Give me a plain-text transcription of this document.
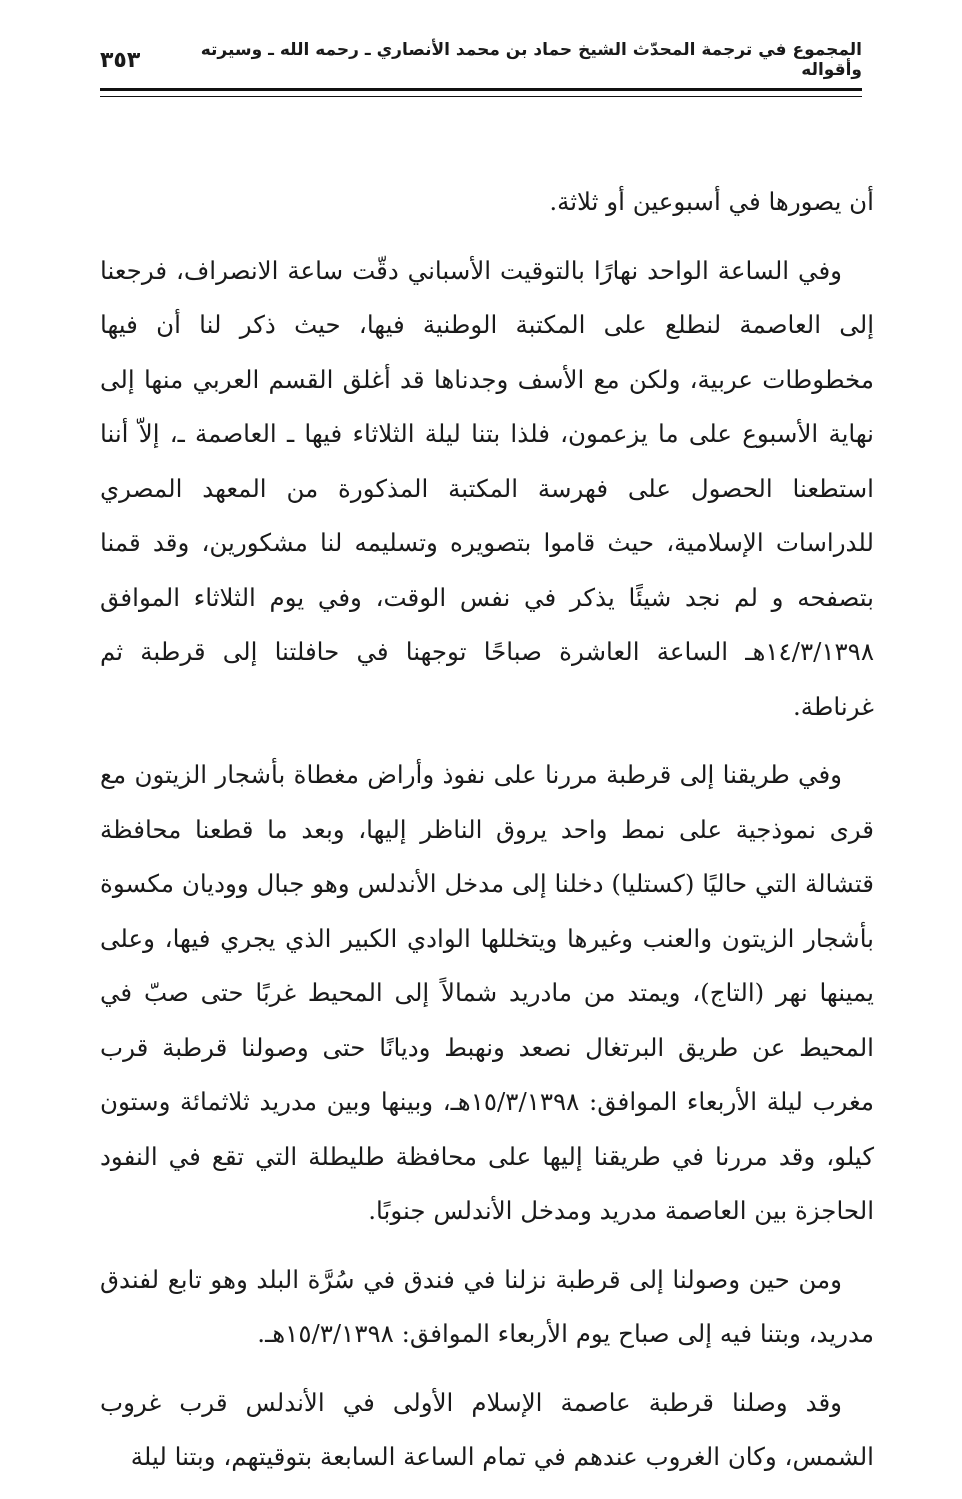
المجموع في ترجمة المحدّث الشيخ حماد بن محمد الأنصاري ـ رحمه الله ـ وسيرته وأقواله
٣٥٣

أن يصورها في أسبوعين أو ثلاثة.

وفي الساعة الواحد نهارًا بالتوقيت الأسباني دقّت ساعة الانصراف، فرجعنا إلى العاصمة لنطلع على المكتبة الوطنية فيها، حيث ذكر لنا أن فيها مخطوطات عربية، ولكن مع الأسف وجدناها قد أغلق القسم العربي منها إلى نهاية الأسبوع على ما يزعمون، فلذا بتنا ليلة الثلاثاء فيها ـ العاصمة ـ، إلاّ أننا استطعنا الحصول على فهرسة المكتبة المذكورة من المعهد المصري للدراسات الإسلامية، حيث قاموا بتصويره وتسليمه لنا مشكورين، وقد قمنا بتصفحه و لم نجد شيئًا يذكر في نفس الوقت، وفي يوم الثلاثاء الموافق ١٤/٣/١٣٩٨هـ الساعة العاشرة صباحًا توجهنا في حافلتنا إلى قرطبة ثم غرناطة.

وفي طريقنا إلى قرطبة مررنا على نفوذ وأراض مغطاة بأشجار الزيتون مع قرى نموذجية على نمط واحد يروق الناظر إليها، وبعد ما قطعنا محافظة قتشالة التي حاليًا (كستليا) دخلنا إلى مدخل الأندلس وهو جبال ووديان مكسوة بأشجار الزيتون والعنب وغيرها ويتخللها الوادي الكبير الذي يجري فيها، وعلى يمينها نهر (التاج)، ويمتد من مادريد شمالاً إلى المحيط غربًا حتى صبّ في المحيط عن طريق البرتغال نصعد ونهبط وديانًا حتى وصولنا قرطبة قرب مغرب ليلة الأربعاء الموافق: ١٥/٣/١٣٩٨هـ، وبينها وبين مدريد ثلاثمائة وستون كيلو، وقد مررنا في طريقنا إليها على محافظة طليطلة التي تقع في النفود الحاجزة بين العاصمة مدريد ومدخل الأندلس جنوبًا.

ومن حين وصولنا إلى قرطبة نزلنا في فندق في سُرَّة البلد وهو تابع لفندق مدريد، وبتنا فيه إلى صباح يوم الأربعاء الموافق: ١٥/٣/١٣٩٨هـ.

وقد وصلنا قرطبة عاصمة الإسلام الأولى في الأندلس قرب غروب الشمس، وكان الغروب عندهم في تمام الساعة السابعة بتوقيتهم، وبتنا ليلة
